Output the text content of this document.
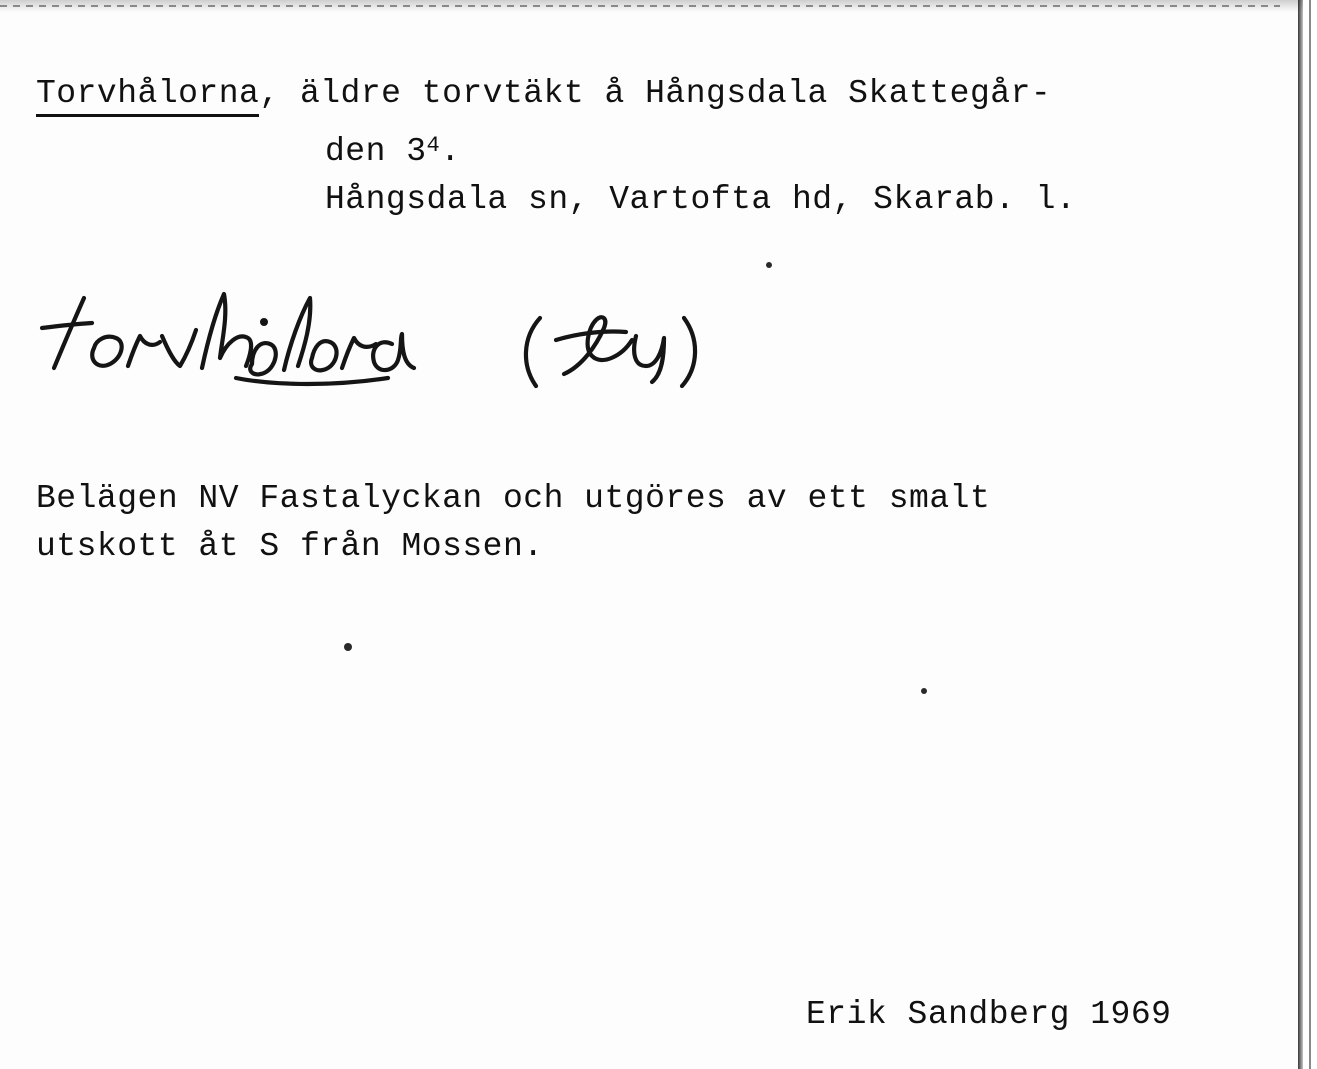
Torvhålorna, äldre torvtäkt å Hångsdala Skattegår-
den $3^4$.
Hångsdala sn, Vartofta hd, Skarab. l.
Belägen NV Fastalyckan och utgöres av ett smalt
utskott åt S från Mossen.
Erik Sandberg 1969
